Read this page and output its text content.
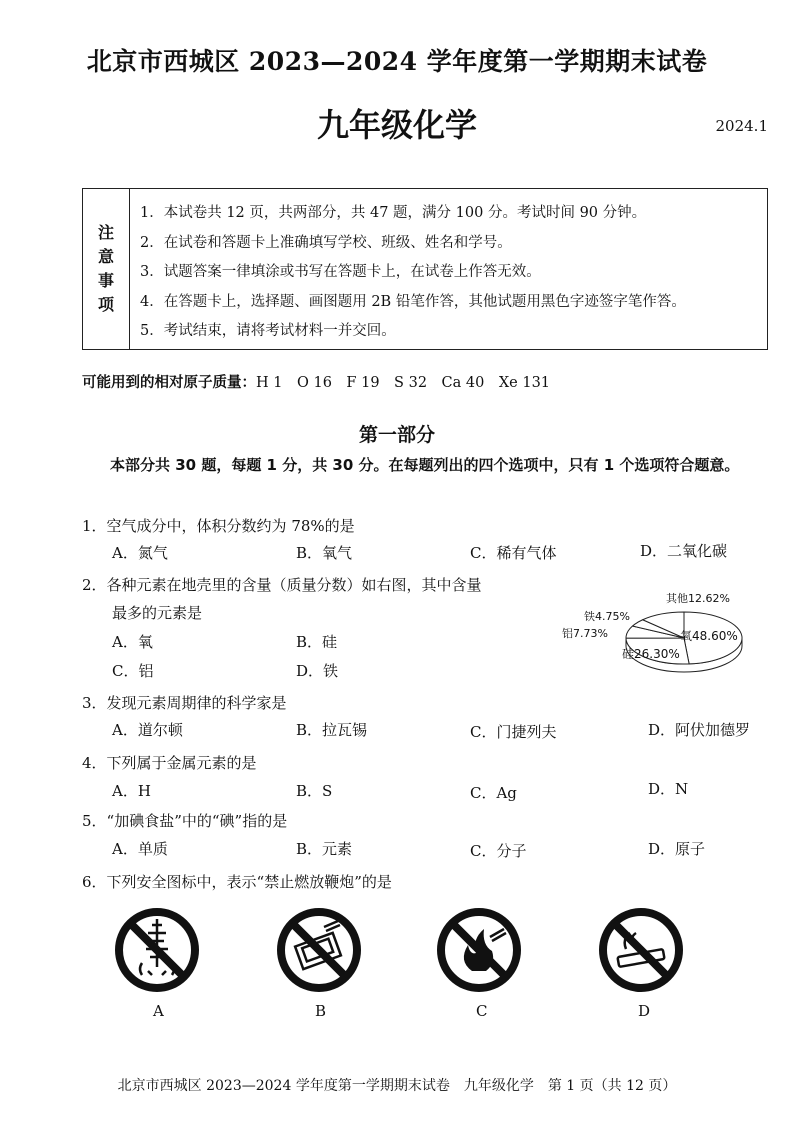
北京市西城区 2023—2024 学年度第一学期期末试卷
九年级化学	2024.1
注
意
事
项
1．本试卷共 12 页，共两部分，共 47 题，满分 100 分。考试时间 90 分钟。
2．在试卷和答题卡上准确填写学校、班级、姓名和学号。
3．试题答案一律填涂或书写在答题卡上，在试卷上作答无效。
4．在答题卡上，选择题、画图题用 2B 铅笔作答，其他试题用黑色字迹签字笔作答。
5．考试结束，请将考试材料一并交回。
可能用到的相对原子质量：H 1　O 16　F 19　S 32　Ca 40　Xe 131
第一部分
本部分共 30 题，每题 1 分，共 30 分。在每题列出的四个选项中，只有 1 个选项符合题意。
1．空气成分中，体积分数约为 78%的是
A．氮气	B．氧气	C．稀有气体	D．二氧化碳
2．各种元素在地壳里的含量（质量分数）如右图，其中含量
最多的元素是
A．氧	B．硅
C．铝	D．铁
其他12.62%
铁4.75%
铝7.73%	氧48.60%
硅26.30%
3．发现元素周期律的科学家是
A．道尔顿	B．拉瓦锡	C．门捷列夫	D．阿伏加德罗
4．下列属于金属元素的是
A．H	B．S	C．Ag	D．N
5．“加碘食盐”中的“碘”指的是
A．单质	B．元素	C．分子	D．原子
6．下列安全图标中，表示“禁止燃放鞭炮”的是
A	B	C	D
北京市西城区 2023—2024 学年度第一学期期末试卷　九年级化学　第 1 页（共 12 页）
